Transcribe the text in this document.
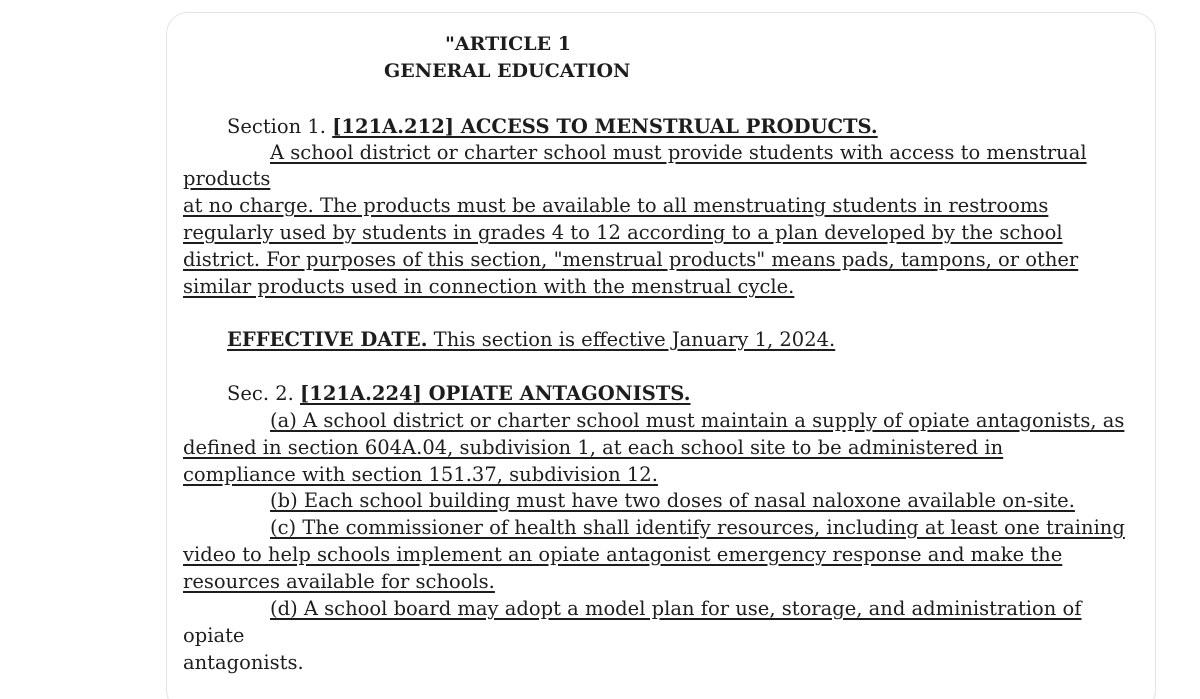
"ARTICLE 1
GENERAL EDUCATION
Section 1. [121A.212] ACCESS TO MENSTRUAL PRODUCTS.
A school district or charter school must provide students with access to menstrual
products
at no charge. The products must be available to all menstruating students in restrooms
regularly used by students in grades 4 to 12 according to a plan developed by the school
district. For purposes of this section, "menstrual products" means pads, tampons, or other
similar products used in connection with the menstrual cycle.
EFFECTIVE DATE. This section is effective January 1, 2024.
Sec. 2. [121A.224] OPIATE ANTAGONISTS.
(a) A school district or charter school must maintain a supply of opiate antagonists, as
defined in section 604A.04, subdivision 1, at each school site to be administered in
compliance with section 151.37, subdivision 12.
(b) Each school building must have two doses of nasal naloxone available on-site.
(c) The commissioner of health shall identify resources, including at least one training
video to help schools implement an opiate antagonist emergency response and make the
resources available for schools.
(d) A school board may adopt a model plan for use, storage, and administration of
opiate
antagonists.
